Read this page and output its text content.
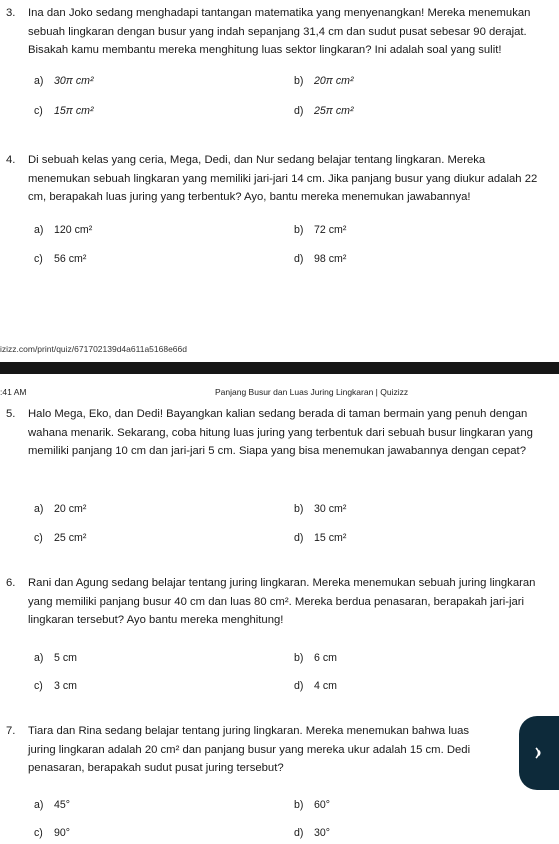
3. Ina dan Joko sedang menghadapi tantangan matematika yang menyenangkan! Mereka menemukan sebuah lingkaran dengan busur yang indah sepanjang 31,4 cm dan sudut pusat sebesar 90 derajat. Bisakah kamu membantu mereka menghitung luas sektor lingkaran? Ini adalah soal yang sulit!
a) 30π cm²	b) 20π cm²
c) 15π cm²	d) 25π cm²
4. Di sebuah kelas yang ceria, Mega, Dedi, dan Nur sedang belajar tentang lingkaran. Mereka menemukan sebuah lingkaran yang memiliki jari-jari 14 cm. Jika panjang busur yang diukur adalah 22 cm, berapakah luas juring yang terbentuk? Ayo, bantu mereka menemukan jawabannya!
a) 120 cm²	b) 72 cm²
c) 56 cm²	d) 98 cm²
izizz.com/print/quiz/671702139d4a611a5168e66d
:41 AM	Panjang Busur dan Luas Juring Lingkaran | Quizizz
5. Halo Mega, Eko, dan Dedi! Bayangkan kalian sedang berada di taman bermain yang penuh dengan wahana menarik. Sekarang, coba hitung luas juring yang terbentuk dari sebuah busur lingkaran yang memiliki panjang 10 cm dan jari-jari 5 cm. Siapa yang bisa menemukan jawabannya dengan cepat?
a) 20 cm²	b) 30 cm²
c) 25 cm²	d) 15 cm²
6. Rani dan Agung sedang belajar tentang juring lingkaran. Mereka menemukan sebuah juring lingkaran yang memiliki panjang busur 40 cm dan luas 80 cm². Mereka berdua penasaran, berapakah jari-jari lingkaran tersebut? Ayo bantu mereka menghitung!
a) 5 cm	b) 6 cm
c) 3 cm	d) 4 cm
7. Tiara dan Rina sedang belajar tentang juring lingkaran. Mereka menemukan bahwa luas juring lingkaran adalah 20 cm² dan panjang busur yang mereka ukur adalah 15 cm. Dedi penasaran, berapakah sudut pusat juring tersebut?
a) 45°	b) 60°
c) 90°	d) 30°
